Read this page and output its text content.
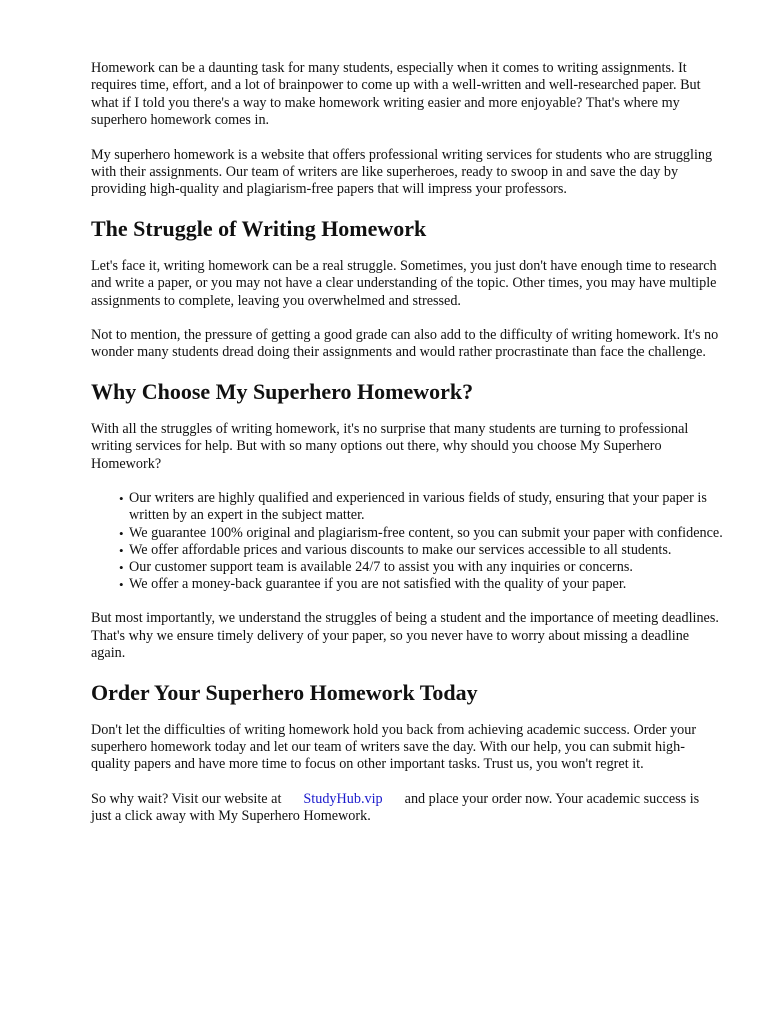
Homework can be a daunting task for many students, especially when it comes to writing assignments. It requires time, effort, and a lot of brainpower to come up with a well-written and well-researched paper. But what if I told you there's a way to make homework writing easier and more enjoyable? That's where my superhero homework comes in.

My superhero homework is a website that offers professional writing services for students who are struggling with their assignments. Our team of writers are like superheroes, ready to swoop in and save the day by providing high-quality and plagiarism-free papers that will impress your professors.

The Struggle of Writing Homework

Let's face it, writing homework can be a real struggle. Sometimes, you just don't have enough time to research and write a paper, or you may not have a clear understanding of the topic. Other times, you may have multiple assignments to complete, leaving you overwhelmed and stressed.

Not to mention, the pressure of getting a good grade can also add to the difficulty of writing homework. It's no wonder many students dread doing their assignments and would rather procrastinate than face the challenge.

Why Choose My Superhero Homework?

With all the struggles of writing homework, it's no surprise that many students are turning to professional writing services for help. But with so many options out there, why should you choose My Superhero Homework?

• Our writers are highly qualified and experienced in various fields of study, ensuring that your paper is written by an expert in the subject matter.
• We guarantee 100% original and plagiarism-free content, so you can submit your paper with confidence.
• We offer affordable prices and various discounts to make our services accessible to all students.
• Our customer support team is available 24/7 to assist you with any inquiries or concerns.
• We offer a money-back guarantee if you are not satisfied with the quality of your paper.

But most importantly, we understand the struggles of being a student and the importance of meeting deadlines. That's why we ensure timely delivery of your paper, so you never have to worry about missing a deadline again.

Order Your Superhero Homework Today

Don't let the difficulties of writing homework hold you back from achieving academic success. Order your superhero homework today and let our team of writers save the day. With our help, you can submit high-quality papers and have more time to focus on other important tasks. Trust us, you won't regret it.

So why wait? Visit our website at StudyHub.vip and place your order now. Your academic success is just a click away with My Superhero Homework.
